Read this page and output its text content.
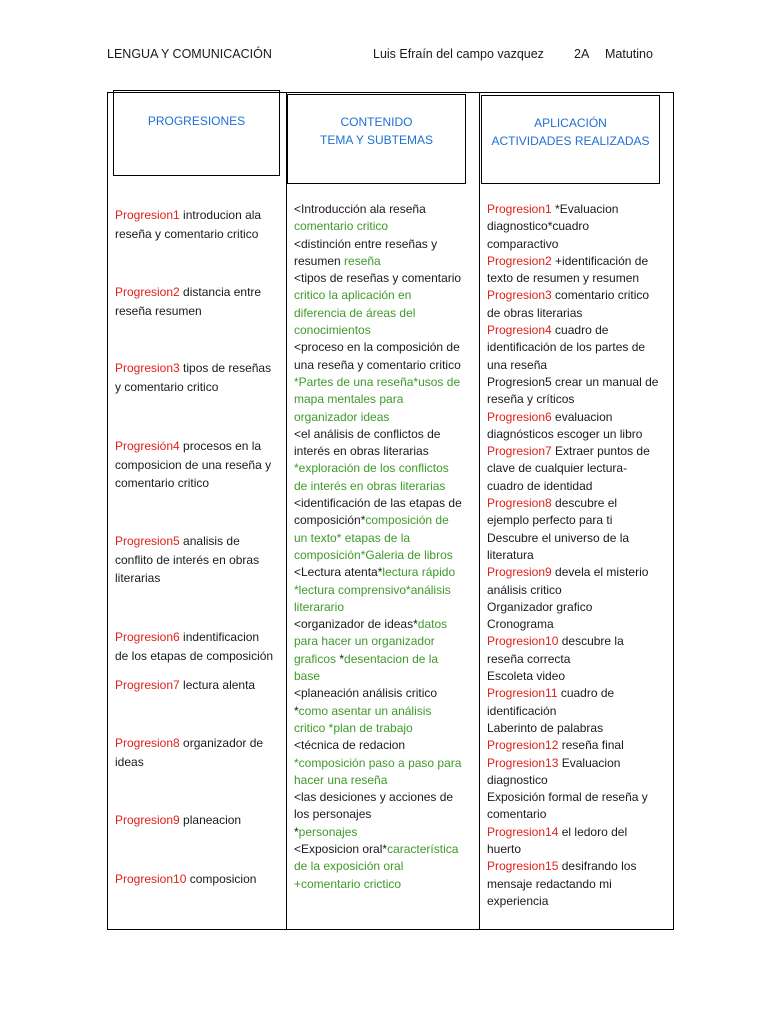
LENGUA Y COMUNICACIÓN	Luis Efraín del campo vazquez 2A Matutino
PROGRESIONES	CONTENIDO
TEMA Y SUBTEMAS
APLICACIÓN
ACTIVIDADES REALIZADAS
Progresion1 introducion ala
reseña y comentario critico
Progresion2 distancia entre
reseña resumen
Progresion3 tipos de reseñas
y comentario critico
Progresión4 procesos en la
composicion de una reseña y
comentario critico
Progresion5 analisis de
conflito de interés en obras
literarias
Progresion6 indentificacion
de los etapas de composición
Progresion7 lectura alenta
Progresion8 organizador de
ideas
Progresion9 planeacion
Progresion10 composicion
<Introducción ala reseña
comentario critico
<distinción entre reseñas y
resumen reseña
<tipos de reseñas y comentario
critico la aplicación en
diferencia de áreas del
conocimientos
<proceso en la composición de
una reseña y comentario critico
*Partes de una reseña*usos de
mapa mentales para
organizador ideas
<el análisis de conflictos de
interés en obras literarias
*exploración de los conflictos
de interés en obras literarias
<identificación de las etapas de
composición*composición de
un texto* etapas de la
composición*Galeria de libros
<Lectura atenta*lectura rápido
*lectura comprensivo*análisis
literarario
<organizador de ideas*datos
para hacer un organizador
graficos *desentacion de la
base
<planeación análisis critico
*como asentar un análisis
critico *plan de trabajo
<técnica de redacion
*composición paso a paso para
hacer una reseña
<las desiciones y acciones de
los personajes
*personajes
<Exposicion oral*característica
de la exposición oral
+comentario crictico
Progresion1 *Evaluacion
diagnostico*cuadro
comparactivo
Progresion2 +identificación de
texto de resumen y resumen
Progresion3 comentario critico
de obras literarias
Progresion4 cuadro de
identificación de los partes de
una reseña
Progresion5 crear un manual de
reseña y críticos
Progresion6 evaluacion
diagnósticos escoger un libro
Progresion7 Extraer puntos de
clave de cualquier lectura-
cuadro de identidad
Progresion8 descubre el
ejemplo perfecto para ti
Descubre el universo de la
literatura
Progresion9 devela el misterio
análisis critico
Organizador grafico
Cronograma
Progresion10 descubre la
reseña correcta
Escoleta video
Progresion11 cuadro de
identificación
Laberinto de palabras
Progresion12 reseña final
Progresion13 Evaluacion
diagnostico
Exposición formal de reseña y
comentario
Progresion14 el ledoro del
huerto
Progresion15 desifrando los
mensaje redactando mi
experiencia
